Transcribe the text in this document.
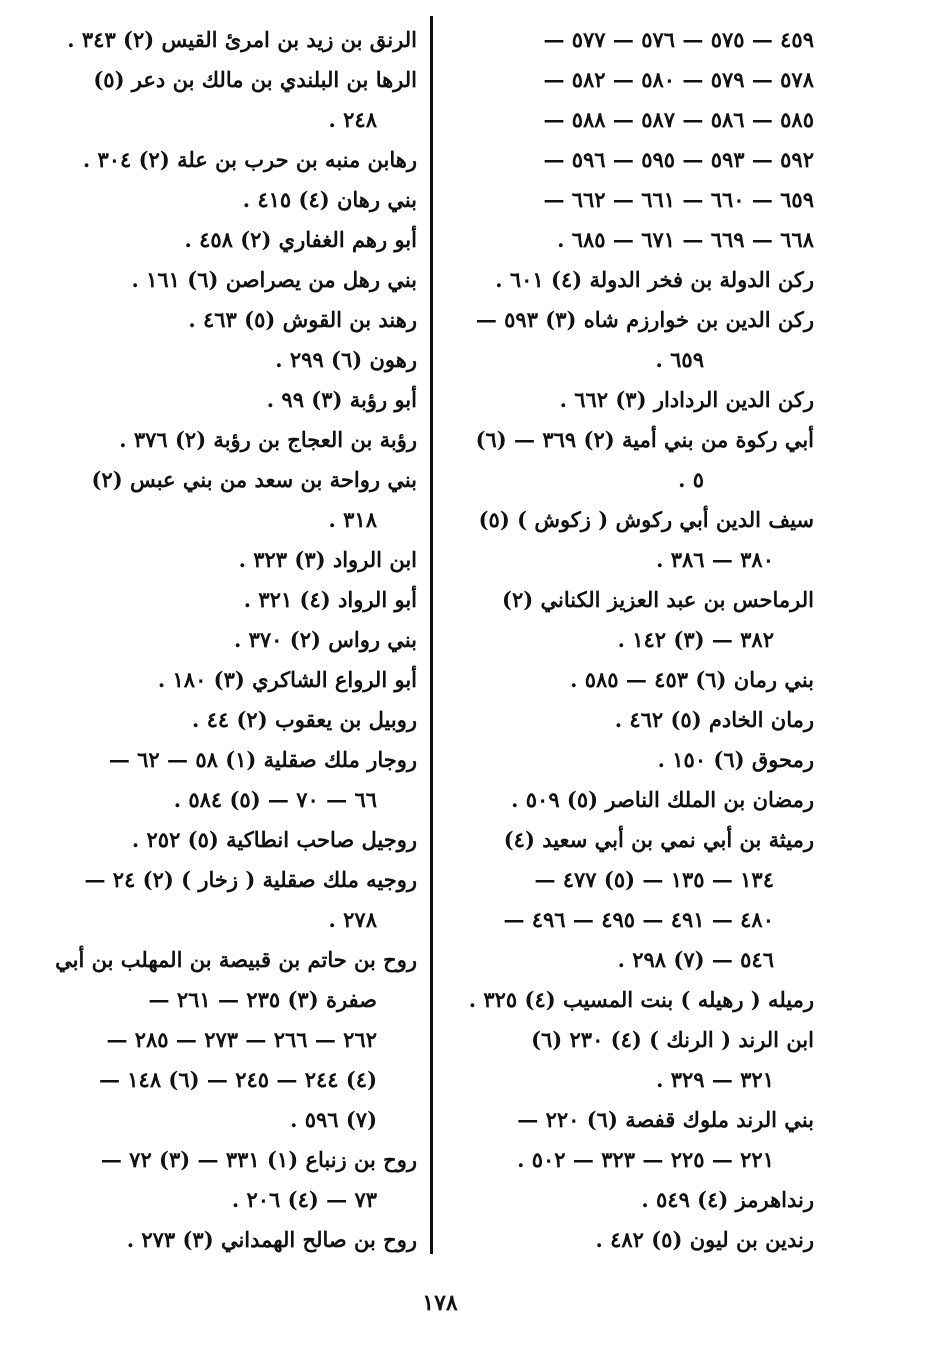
٤٥٩ — ٥٧٥ — ٥٧٦ — ٥٧٧ —
٥٧٨ — ٥٧٩ — ٥٨٠ — ٥٨٢ —
٥٨٥ — ٥٨٦ — ٥٨٧ — ٥٨٨ —
٥٩٢ — ٥٩٣ — ٥٩٥ — ٥٩٦ —
٦٥٩ — ٦٦٠ — ٦٦١ — ٦٦٢ —
٦٦٨ — ٦٦٩ — ٦٧١ — ٦٨٥ .
ركن الدولة بن فخر الدولة (٤) ٦٠١ .
ركن الدين بن خوارزم شاه (٣) ٥٩٣ —
٦٥٩ .
ركن الدين الردادار (٣) ٦٦٢ .
أبي ركوة من بني أمية (٢) ٣٦٩ — (٦)
٥ .
سيف الدين أبي ركوش ( زكوش ) (٥)
٣٨٠ — ٣٨٦ .
الرماحس بن عبد العزيز الكناني (٢)
٣٨٢ — (٣) ١٤٢ .
بني رمان (٦) ٤٥٣ — ٥٨٥ .
رمان الخادم (٥) ٤٦٢ .
رمحوق (٦) ١٥٠ .
رمضان بن الملك الناصر (٥) ٥٠٩ .
رميثة بن أبي نمي بن أبي سعيد (٤)
١٣٤ — ١٣٥ — (٥) ٤٧٧ —
٤٨٠ — ٤٩١ — ٤٩٥ — ٤٩٦ —
٥٤٦ — (٧) ٢٩٨ .
رميله ( رهيله ) بنت المسيب (٤) ٣٢٥ .
ابن الرند ( الرنك ) (٤) ٢٣٠ (٦)
٣٢١ — ٣٢٩ .
بني الرند ملوك قفصة (٦) ٢٢٠ —
٢٢١ — ٢٢٥ — ٣٢٣ — ٥٠٢ .
رنداهرمز (٤) ٥٤٩ .
رندين بن ليون (٥) ٤٨٢ .
الرنق بن زيد بن امرئ القيس (٢) ٣٤٣ .
الرها بن البلندي بن مالك بن دعر (٥)
٢٤٨ .
رهابن منبه بن حرب بن علة (٢) ٣٠٤ .
بني رهان (٤) ٤١٥ .
أبو رهم الغفاري (٢) ٤٥٨ .
بني رهل من يصراصن (٦) ١٦١ .
رهند بن القوش (٥) ٤٦٣ .
رهون (٦) ٢٩٩ .
أبو رؤبة (٣) ٩٩ .
رؤبة بن العجاج بن رؤبة (٢) ٣٧٦ .
بني رواحة بن سعد من بني عبس (٢)
٣١٨ .
ابن الرواد (٣) ٣٢٣ .
أبو الرواد (٤) ٣٢١ .
بني رواس (٢) ٣٧٠ .
أبو الرواع الشاكري (٣) ١٨٠ .
روبيل بن يعقوب (٢) ٤٤ .
روجار ملك صقلية (١) ٥٨ — ٦٢ —
٦٦ — ٧٠ — (٥) ٥٨٤ .
روجيل صاحب انطاكية (٥) ٢٥٢ .
روجيه ملك صقلية ( زخار ) (٢) ٢٤ —
٢٧٨ .
روح بن حاتم بن قبيصة بن المهلب بن أبي
صفرة (٣) ٢٣٥ — ٢٦١ —
٢٦٢ — ٢٦٦ — ٢٧٣ — ٢٨٥ —
(٤) ٢٤٤ — ٢٤٥ — (٦) ١٤٨ —
(٧) ٥٩٦ .
روح بن زنباع (١) ٣٣١ — (٣) ٧٢ —
٧٣ — (٤) ٢٠٦ .
روح بن صالح الهمداني (٣) ٢٧٣ .
١٧٨
